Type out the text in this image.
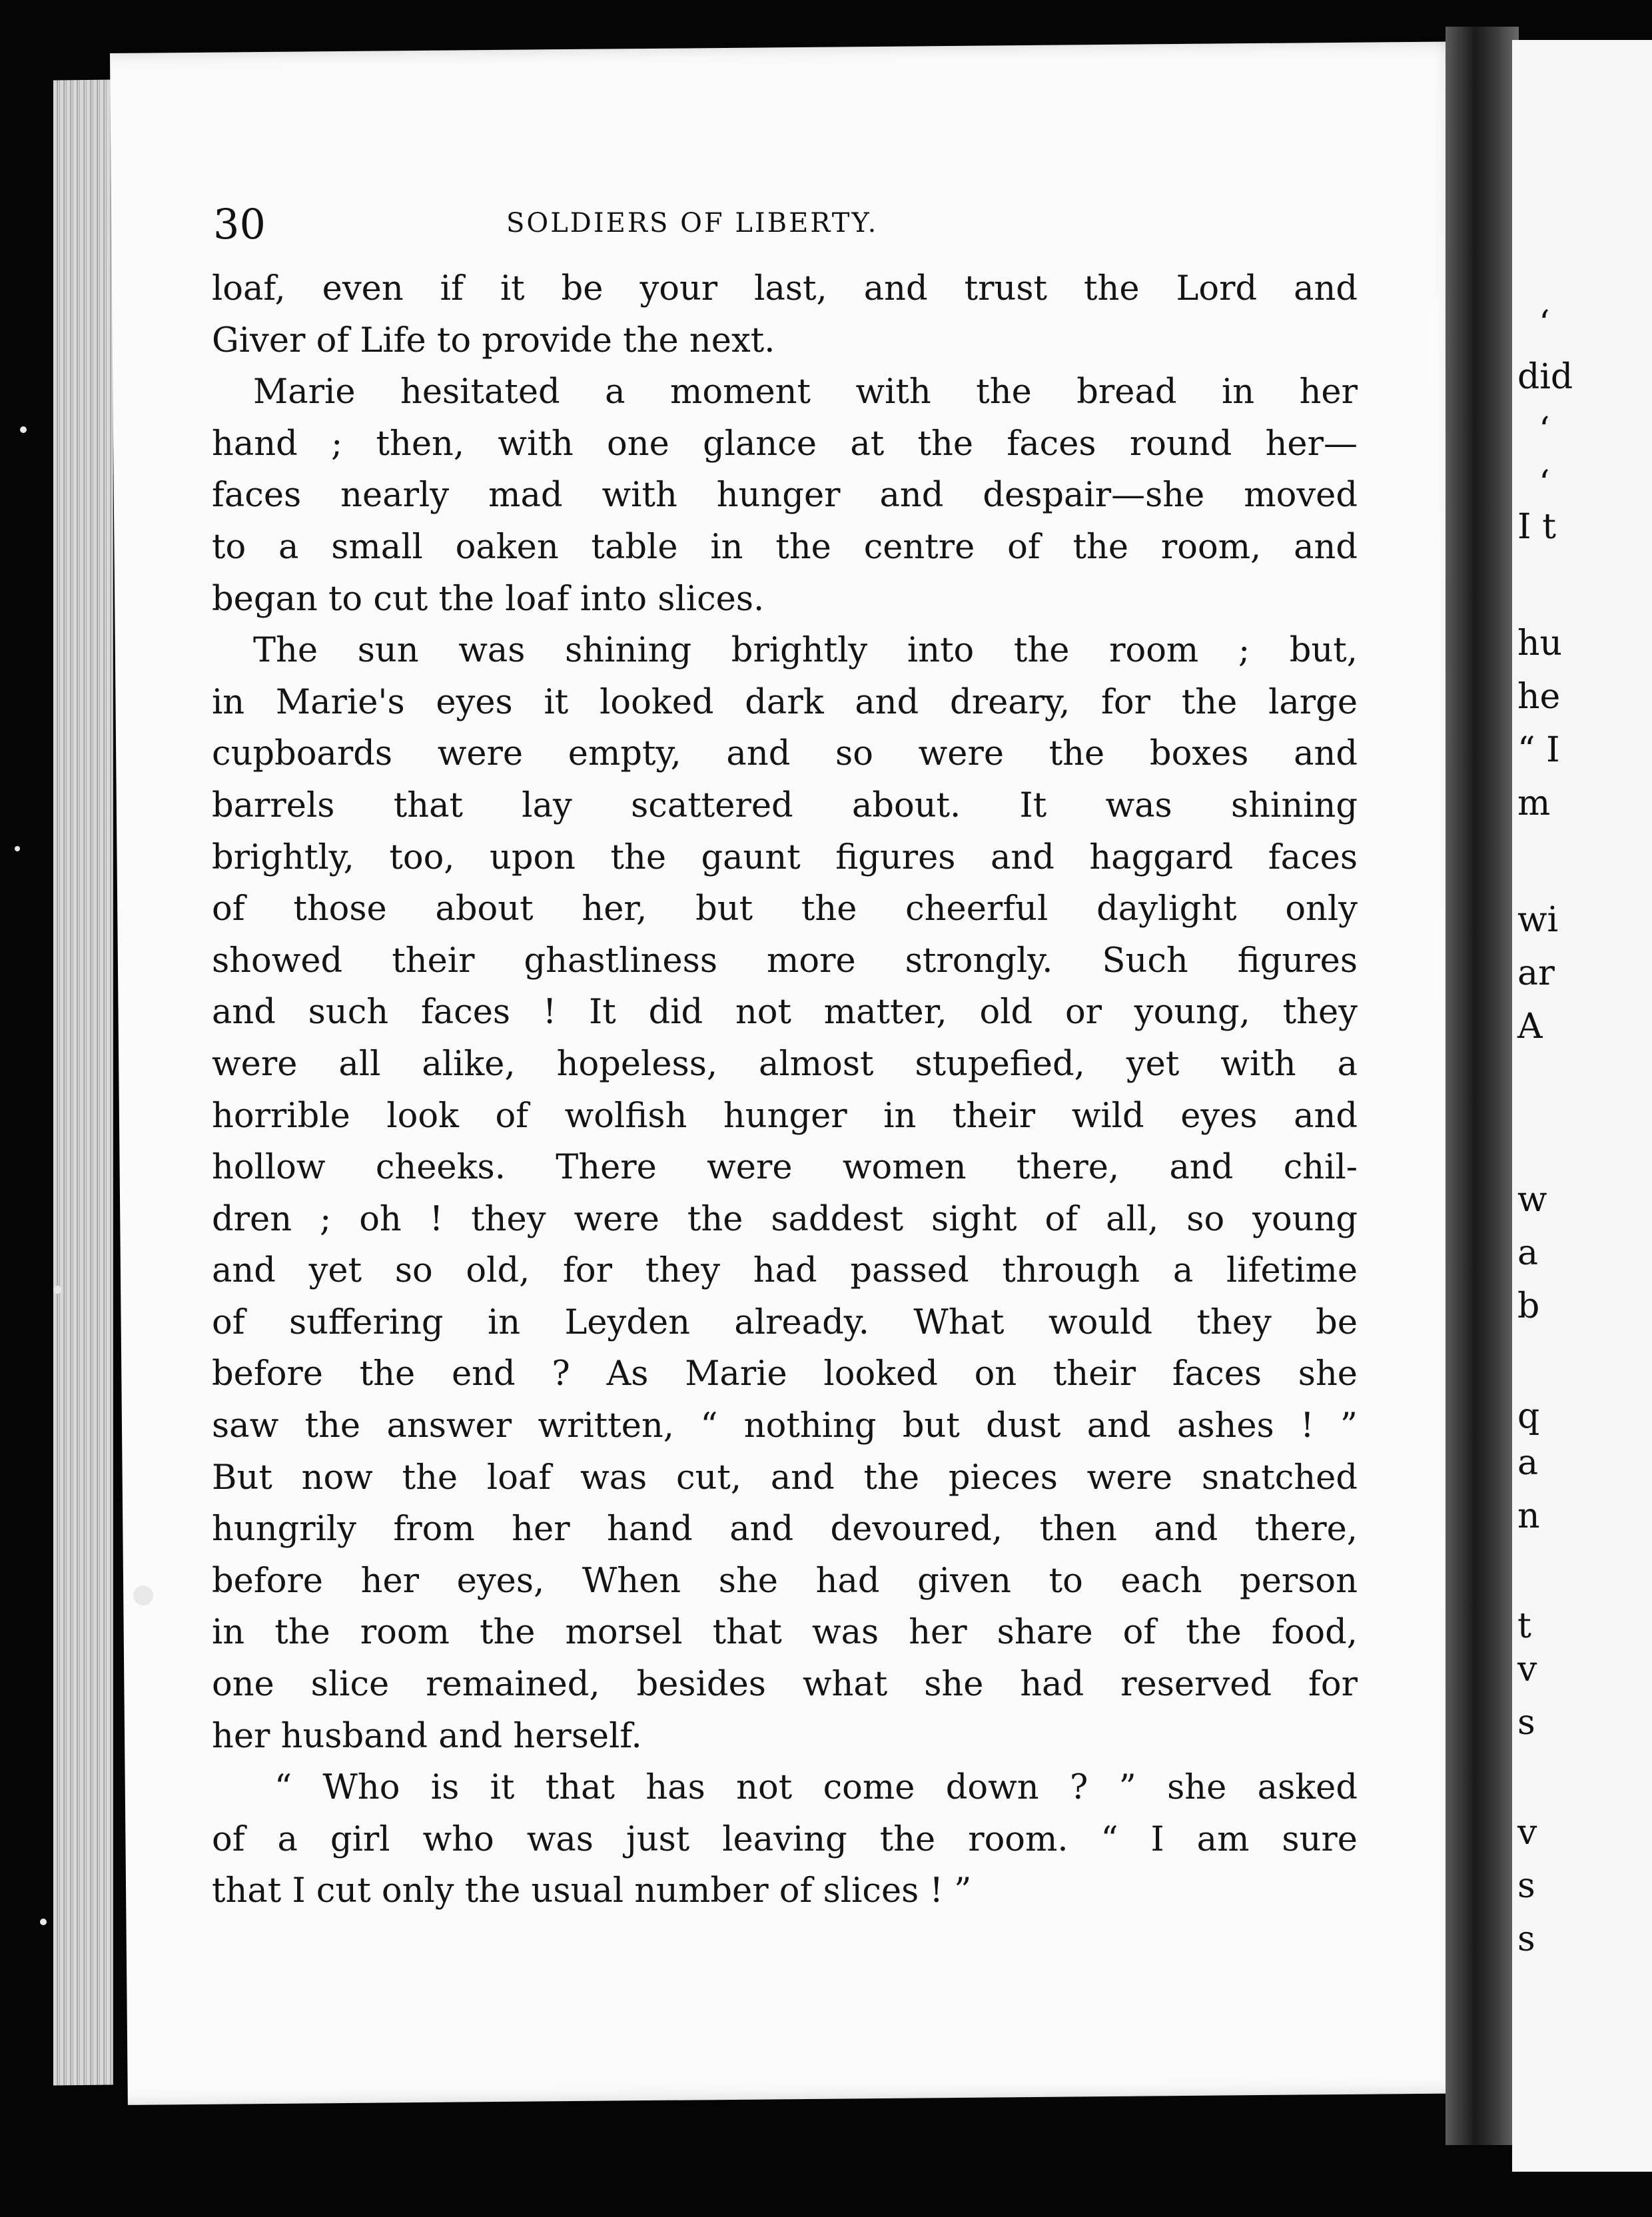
‘
did
‘
‘
I t
hu
he
“ I
m
wi
ar
A
w
a
b
q
a
n
t
v
s
v
s
s
30	SOLDIERS OF LIBERTY.
loaf, even if it be your last, and trust the Lord and
Giver of Life to provide the next.
Marie hesitated a moment with the bread in her
hand ; then, with one glance at the faces round her—
faces nearly mad with hunger and despair—she moved
to a small oaken table in the centre of the room, and
began to cut the loaf into slices.
The sun was shining brightly into the room ; but,
in Marie's eyes it looked dark and dreary, for the large
cupboards were empty, and so were the boxes and
barrels that lay scattered about. It was shining
brightly, too, upon the gaunt figures and haggard faces
of those about her, but the cheerful daylight only
showed their ghastliness more strongly. Such figures
and such faces ! It did not matter, old or young, they
were all alike, hopeless, almost stupefied, yet with a
horrible look of wolfish hunger in their wild eyes and
hollow cheeks. There were women there, and chil-
dren ; oh ! they were the saddest sight of all, so young
and yet so old, for they had passed through a lifetime
of suffering in Leyden already. What would they be
before the end ? As Marie looked on their faces she
saw the answer written, “ nothing but dust and ashes ! ”
But now the loaf was cut, and the pieces were snatched
hungrily from her hand and devoured, then and there,
before her eyes, When she had given to each person
in the room the morsel that was her share of the food,
one slice remained, besides what she had reserved for
her husband and herself.
“ Who is it that has not come down ? ” she asked
of a girl who was just leaving the room. “ I am sure
that I cut only the usual number of slices ! ”
